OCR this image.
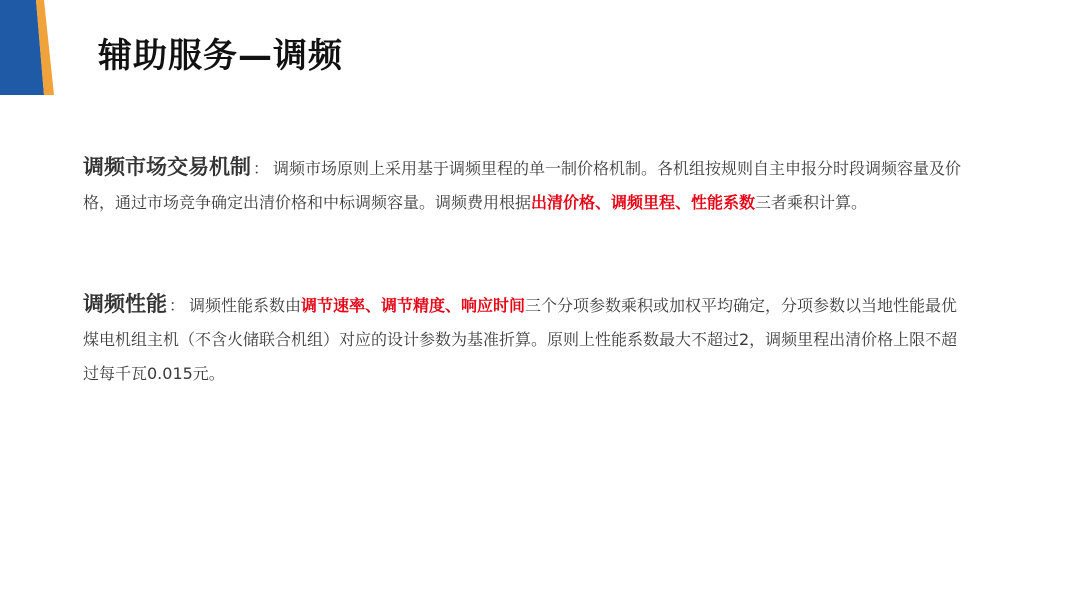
辅助服务—调频
调频市场交易机制 ： 调频市场原则上采用基于调频里程的单一制价格机制。各机组按规则自主申报分时段调频容量及价格，通过市场竞争确定出清价格和中标调频容量。调频费用根据出清价格、调频里程、性能系数三者乘积计算。
调频性能 ： 调频性能系数由调节速率、调节精度、响应时间三个分项参数乘积或加权平均确定，分项参数以当地性能最优煤电机组主机（不含火储联合机组）对应的设计参数为基准折算。原则上性能系数最大不超过2，调频里程出清价格上限不超过每千瓦0.015元。
